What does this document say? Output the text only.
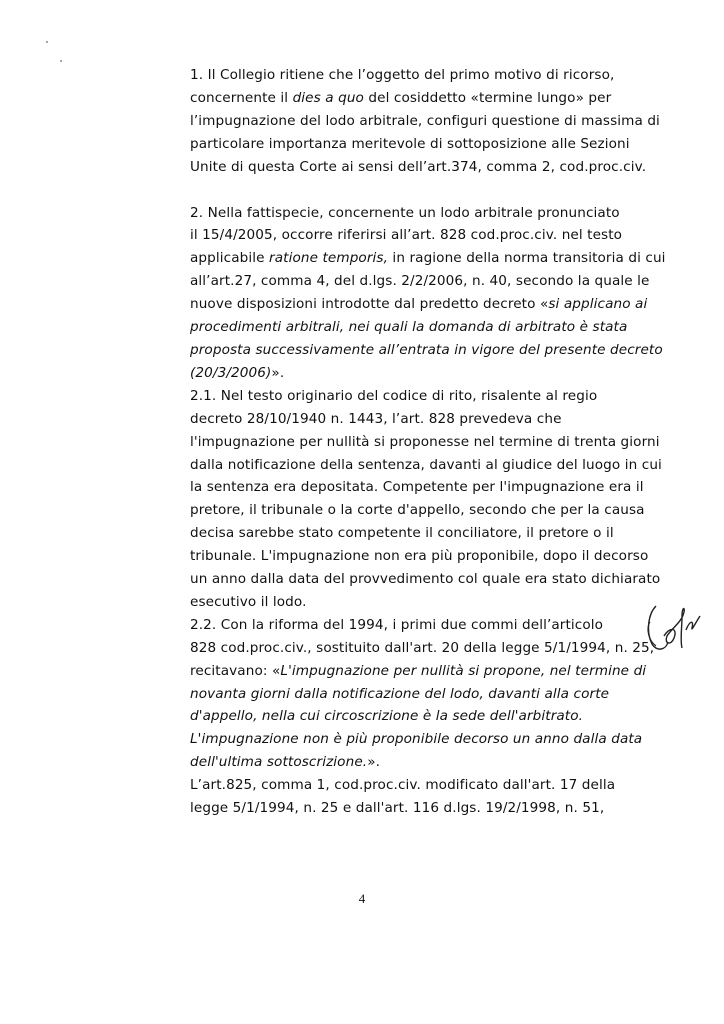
1. Il Collegio ritiene che l’oggetto del primo motivo di ricorso,
concernente il dies a quo del cosiddetto «termine lungo» per
l’impugnazione del lodo arbitrale, configuri questione di massima di
particolare importanza meritevole di sottoposizione alle Sezioni
Unite di questa Corte ai sensi dell’art.374, comma 2, cod.proc.civ.

2. Nella fattispecie, concernente un lodo arbitrale pronunciato
il 15/4/2005, occorre riferirsi all’art. 828 cod.proc.civ. nel testo
applicabile ratione temporis, in ragione della norma transitoria di cui
all’art.27, comma 4, del d.lgs. 2/2/2006, n. 40, secondo la quale le
nuove disposizioni introdotte dal predetto decreto «si applicano ai
procedimenti arbitrali, nei quali la domanda di arbitrato è stata
proposta successivamente all’entrata in vigore del presente decreto
(20/3/2006)».

2.1. Nel testo originario del codice di rito, risalente al regio
decreto 28/10/1940 n. 1443, l’art. 828 prevedeva che
l'impugnazione per nullità si proponesse nel termine di trenta giorni
dalla notificazione della sentenza, davanti al giudice del luogo in cui
la sentenza era depositata. Competente per l'impugnazione era il
pretore, il tribunale o la corte d'appello, secondo che per la causa
decisa sarebbe stato competente il conciliatore, il pretore o il
tribunale. L'impugnazione non era più proponibile, dopo il decorso
un anno dalla data del provvedimento col quale era stato dichiarato
esecutivo il lodo.

2.2. Con la riforma del 1994, i primi due commi dell’articolo
828 cod.proc.civ., sostituito dall'art. 20 della legge 5/1/1994, n. 25,
recitavano: «L'impugnazione per nullità si propone, nel termine di
novanta giorni dalla notificazione del lodo, davanti alla corte
d'appello, nella cui circoscrizione è la sede dell'arbitrato.
L'impugnazione non è più proponibile decorso un anno dalla data
dell'ultima sottoscrizione.».

L’art.825, comma 1, cod.proc.civ. modificato dall'art. 17 della
legge 5/1/1994, n. 25 e dall'art. 116 d.lgs. 19/2/1998, n. 51,

4
